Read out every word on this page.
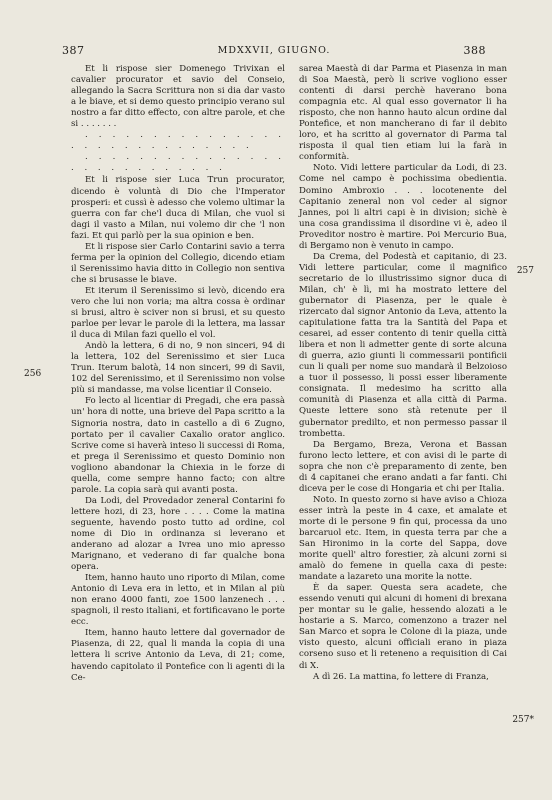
387	MDXXVII, GIUGNO.	388
256
257
257*

Et li rispose sier Domenego Trivixan el cavalier procurator et savio del Conseio, allegando la Sacra Scrittura non si dia dar vasto a le biave, et si demo questo principio verano sul nostro a far ditto effecto, con altre parole, et che si . . . . . . .

. . . . . . . . . . . . . . . . . . . . . . . . . . . . .

. . . . . . . . . . . . . . . . . . . . . . . . . . .

Et li rispose sier Luca Trun procurator, dicendo è voluntà di Dio che l'Imperator prosperi: et cussì è adesso che volemo ultimar la guerra con far che'l duca di Milan, che vuol si dagi il vasto a Milan, nui volemo dir che 'l non fazi. Et qui parlò per la sua opinion e ben.

Et li rispose sier Carlo Contarini savio a terra ferma per la opinion del Collegio, dicendo etiam il Serenissimo havia ditto in Collegio non sentiva che si brusasse le biave.

Et iterum il Serenissimo si levò, dicendo era vero che lui non voria; ma altra cossa è ordinar si brusi, altro è sciver non si brusi, et su questo parloe per levar le parole di la lettera, ma lassar il duca di Milan fazi quello el vol.

Andò la lettera, 6 di no, 9 non sinceri, 94 di la lettera, 102 del Serenissimo et sier Luca Trun. Iterum balotà, 14 non sinceri, 99 di Savii, 102 del Serenissimo, et il Serenissimo non volse più si mandasse, ma volse licentiar il Conseio.

Fo lecto al licentiar di Pregadi, che era passà un' hora di notte, una brieve del Papa scritto a la Signoria nostra, dato in castello a dì 6 Zugno, portato per il cavalier Caxalio orator anglico. Scrive come si haverà inteso li successi di Roma, et prega il Serenissimo et questo Dominio non vogliono abandonar la Chiexia in le forze di quella, come sempre hanno facto; con altre parole. La copia sarà qui avanti posta.

Da Lodi, del Provedador zeneral Contarini fo lettere hozi, di 23, hore . . . . Come la matina seguente, havendo posto tutto ad ordine, col nome di Dio in ordinanza si leverano et anderano ad alozar a Ivrea uno mio apresso Marignano, et vederano di far qualche bona opera.

Item, hanno hauto uno riporto di Milan, come Antonio di Leva era in letto, et in Milan al più non erano 4000 fanti, zoe 1500 lanzenech . . . spagnoli, il resto italiani, et fortificavano le porte ecc.

Item, hanno hauto lettere dal governador de Piasenza, di 22, qual li manda la copia di una lettera li scrive Antonio da Leva, di 21; come, havendo capitolato il Pontefice con li agenti di la Ce-

sarea Maestà di dar Parma et Piasenza in man di Soa Maestà, però li scrive vogliono esser contenti di darsi perchè haverano bona compagnia etc. Al qual esso governator li ha risposto, che non hanno hauto alcun ordine dal Pontefice, et non mancherano di far il debito loro, et ha scritto al governator di Parma tal risposta il qual tien etiam lui la farà in conformità.

Noto. Vidi lettere particular da Lodi, di 23. Come nel campo è pochissima obedientia. Domino Ambroxio . . . locotenente del Capitanio zeneral non vol ceder al signor Jannes, poi li altri capi è in division; sichè è una cosa grandissima il disordine vi è, adeo il Proveditor nostro è martire. Poi Mercurio Bua, di Bergamo non è venuto in campo.

Da Crema, del Podestà et capitanio, di 23. Vidi lettere particular, come il magnifico secretario de lo illustrissimo signor duca di Milan, ch' è lì, mi ha mostrato lettere del gubernator di Piasenza, per le quale è rizercato dal signor Antonio da Leva, attento la capitulatione fatta tra la Santità del Papa et cesarei, ad esser contento di tenir quella città libera et non li admetter gente di sorte alcuna di guerra, azio giunti li commessarii pontificii cun li quali per nome suo mandarà il Belzoioso a tuor il possesso, li possi esser liberamente consignata. Il medesimo ha scritto alla comunità di Piasenza et alla città di Parma. Queste lettere sono stà retenute per il gubernator predilto, et non permesso passar il trombetta.

Da Bergamo, Breza, Verona et Bassan furono lecto lettere, et con avisi di le parte di sopra che non c'è preparamento di zente, ben di 4 capitanei che erano andati a far fanti. Chi diceva per le cose di Hongaria et chi per Italia.

Noto. In questo zorno si have aviso a Chioza esser intrà la peste in 4 caxe, et amalate et morte di le persone 9 fin qui, processa da uno barcaruol etc. Item, in questa terra par che a San Hironimo in la corte del Sappa, dove morite quell' altro forestier, zà alcuni zorni si amalò do femene in quella caxa di peste: mandate a lazareto una morite la notte.

È da saper. Questa sera acadete, che essendo venuti qui alcuni di homeni di brexana per montar su le galie, hessendo alozati a le hostarie a S. Marco, comenzono a trazer nel San Marco et sopra le Colone di la piaza, unde visto questo, alcuni officiali erano in piaza corseno suso et li reteneno a requisition di Cai di X.

A dì 26. La mattina, fo lettere di Franza,
